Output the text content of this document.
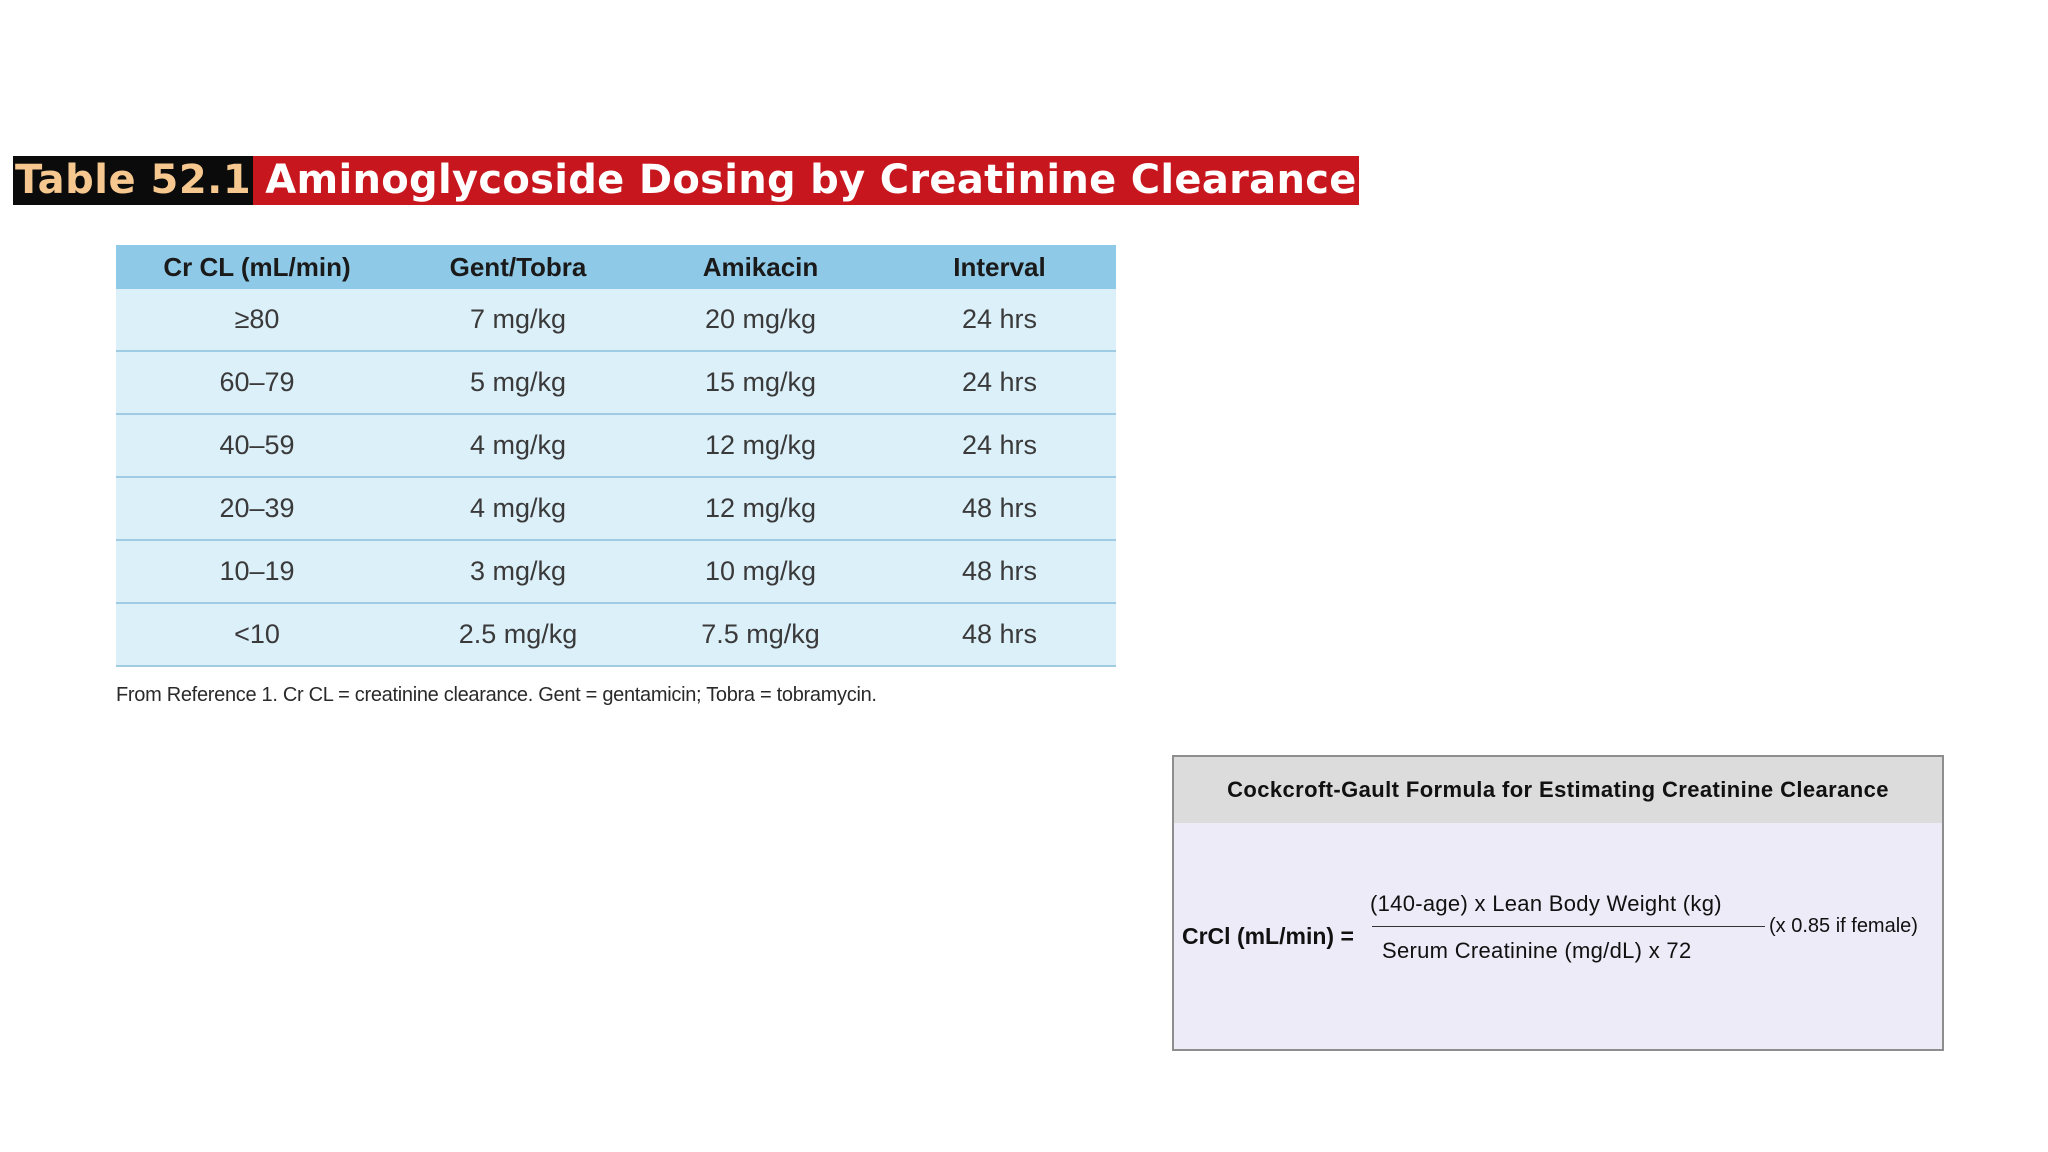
Table 52.1 Aminoglycoside Dosing by Creatinine Clearance
Cr CL (mL/min)	Gent/Tobra	Amikacin	Interval
≥80	7 mg/kg	20 mg/kg	24 hrs
60–79	5 mg/kg	15 mg/kg	24 hrs
40–59	4 mg/kg	12 mg/kg	24 hrs
20–39	4 mg/kg	12 mg/kg	48 hrs
10–19	3 mg/kg	10 mg/kg	48 hrs
<10	2.5 mg/kg	7.5 mg/kg	48 hrs
From Reference 1. Cr CL = creatinine clearance. Gent = gentamicin; Tobra = tobramycin.
Cockcroft-Gault Formula for Estimating Creatinine Clearance
CrCl (mL/min) =
(140-age) x Lean Body Weight (kg)
Serum Creatinine (mg/dL) x 72
(x 0.85 if female)
